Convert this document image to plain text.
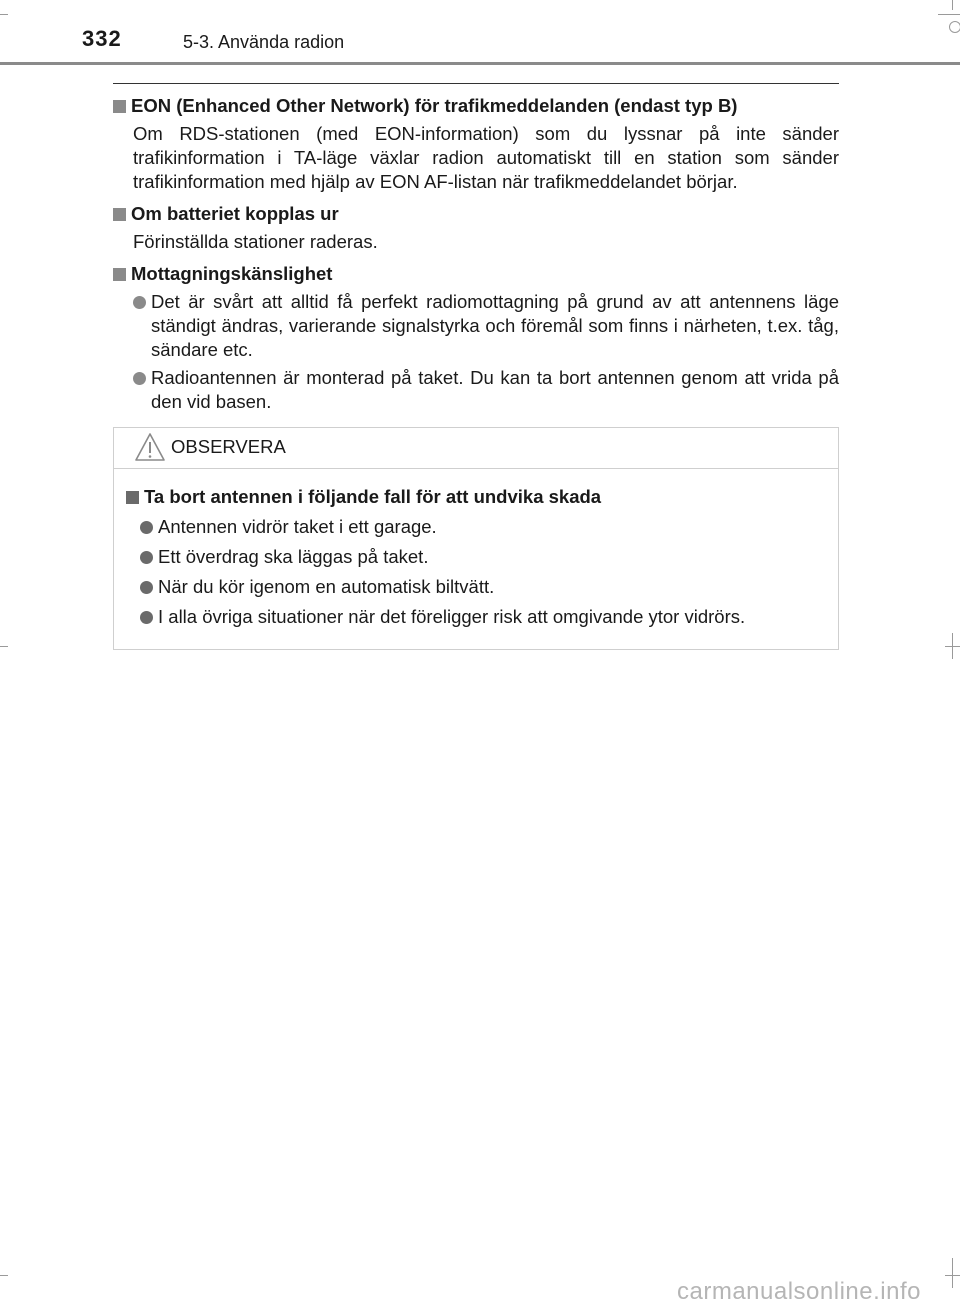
332	5-3. Använda radion
EON (Enhanced Other Network) för trafikmeddelanden (endast typ B)
Om RDS-stationen (med EON-information) som du lyssnar på inte sänder trafikinformation i TA-läge växlar radion automatiskt till en station som sänder trafikinformation med hjälp av EON AF-listan när trafikmeddelandet börjar.
Om batteriet kopplas ur
Förinställda stationer raderas.
Mottagningskänslighet
Det är svårt att alltid få perfekt radiomottagning på grund av att antennens läge ständigt ändras, varierande signalstyrka och föremål som finns i närheten, t.ex. tåg, sändare etc.
Radioantennen är monterad på taket. Du kan ta bort antennen genom att vrida på den vid basen.
OBSERVERA
Ta bort antennen i följande fall för att undvika skada
Antennen vidrör taket i ett garage.
Ett överdrag ska läggas på taket.
När du kör igenom en automatisk biltvätt.
I alla övriga situationer när det föreligger risk att omgivande ytor vidrörs.
carmanualsonline.info
